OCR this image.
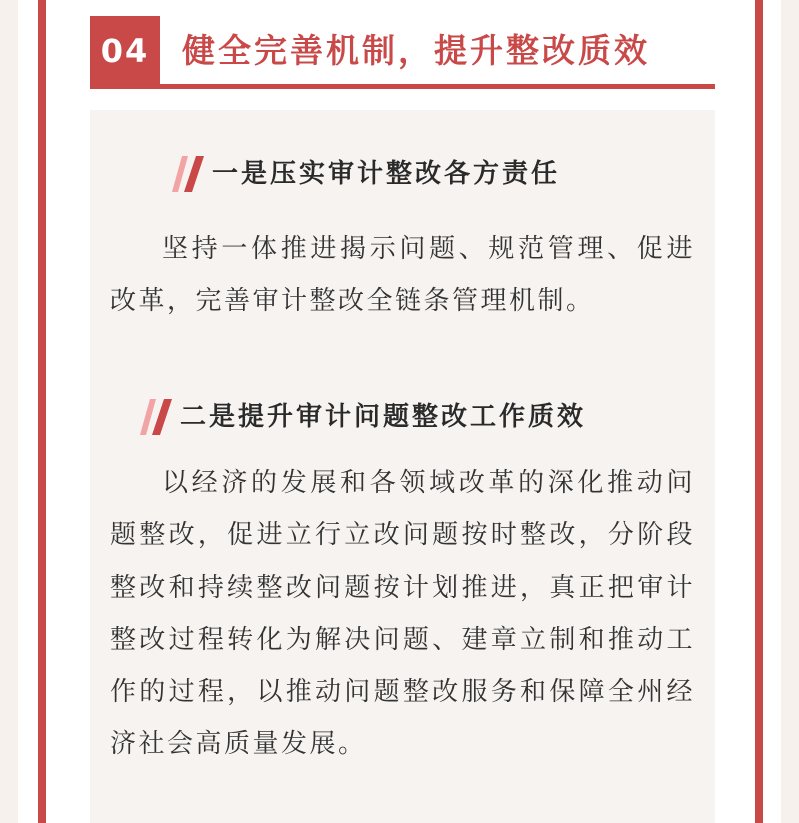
04 健全完善机制，提升整改质效
一是压实审计整改各方责任
坚持一体推进揭示问题、规范管理、促进改革，完善审计整改全链条管理机制。
二是提升审计问题整改工作质效
以经济的发展和各领域改革的深化推动问题整改，促进立行立改问题按时整改，分阶段整改和持续整改问题按计划推进，真正把审计整改过程转化为解决问题、建章立制和推动工作的过程，以推动问题整改服务和保障全州经济社会高质量发展。
